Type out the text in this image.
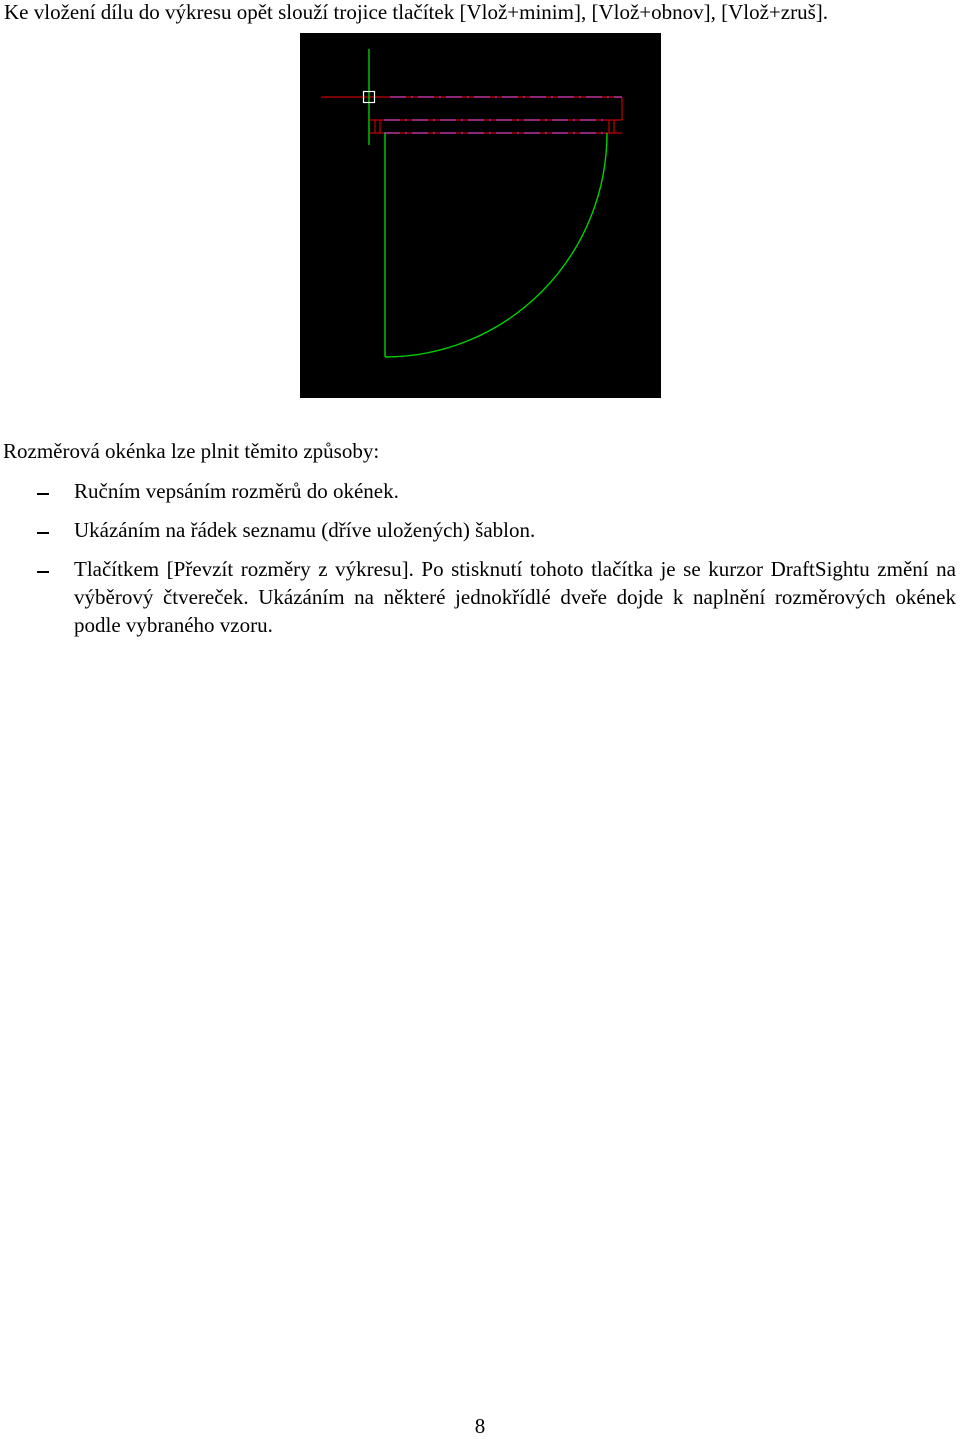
Ke vložení dílu do výkresu opět slouží trojice tlačítek [Vlož+minim], [Vlož+obnov], [Vlož+zruš].
Rozměrová okénka lze plnit těmito způsoby:
Ručním vepsáním rozměrů do okének.
Ukázáním na řádek seznamu (dříve uložených) šablon.
Tlačítkem [Převzít rozměry z výkresu]. Po stisknutí tohoto tlačítka je se kurzor DraftSightu změní na výběrový čtvereček. Ukázáním na některé jednokřídlé dveře dojde k naplnění rozměrových okének podle vybraného vzoru.
8
